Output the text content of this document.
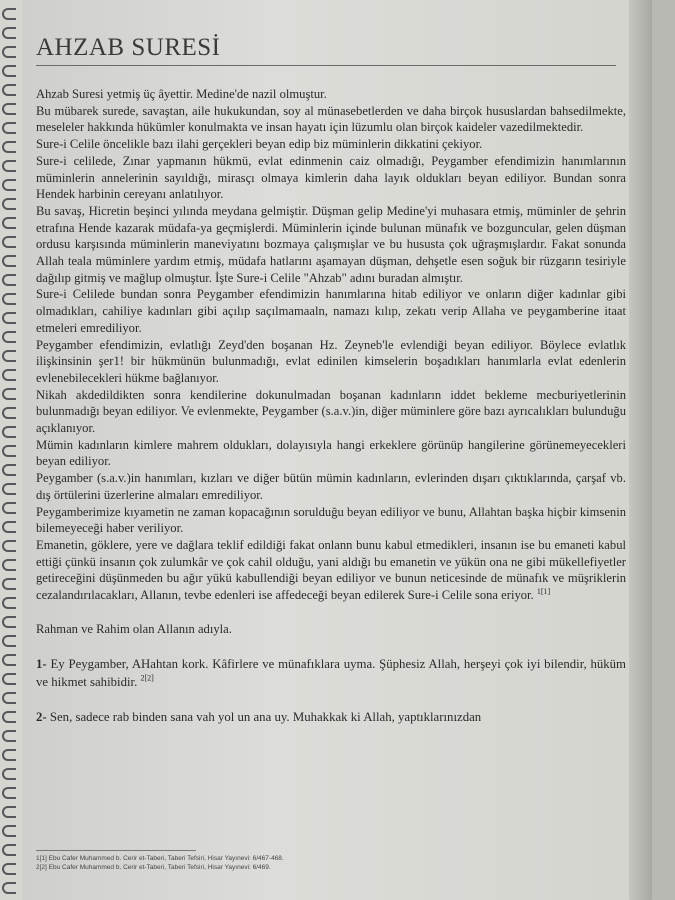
AHZAB SURESİ

Ahzab Suresi yetmiş üç âyettir. Medine'de nazil olmuştur.

Bu mübarek surede, savaştan, aile hukukundan, soy al münasebetlerden ve daha birçok hususlardan bahsedilmekte, meseleler hakkında hükümler konulmakta ve insan hayatı için lüzumlu olan birçok kaideler vazedilmektedir.

Sure-i Celile öncelikle bazı ilahi gerçekleri beyan edip biz müminlerin dikkatini çekiyor.

Sure-i celilede, Zınar yapmanın hükmü, evlat edinmenin caiz olmadığı, Peygamber efendimizin hanımlarının müminlerin annelerinin sayıldığı, mirasçı olmaya kimlerin daha layık oldukları beyan ediliyor. Bundan sonra Hendek harbinin cereyanı anlatılıyor.

Bu savaş, Hicretin beşinci yılında meydana gelmiştir. Düşman gelip Medine'yi muhasara etmiş, müminler de şehrin etrafına Hende kazarak müdafa-ya geçmişlerdi. Müminlerin içinde bulunan münafık ve bozguncular, gelen düşman ordusu karşısında müminlerin maneviyatını bozmaya çalışmışlar ve bu hususta çok uğraşmışlardır. Fakat sonunda Allah teala müminlere yardım etmiş, müdafa hatlarını aşamayan düşman, dehşetle esen soğuk bir rüzgarın tesiriyle dağılıp gitmiş ve mağlup olmuştur. İşte Sure-i Celile "Ahzab" adını buradan almıştır.

Sure-i Celilede bundan sonra Peygamber efendimizin hanımlarına hitab ediliyor ve onların diğer kadınlar gibi olmadıkları, cahiliye kadınları gibi açılıp saçılmamaaln, namazı kılıp, zekatı verip Allaha ve peygamberine itaat etmeleri emrediliyor.

Peygamber efendimizin, evlatlığı Zeyd'den boşanan Hz. Zeyneb'le evlendiği beyan ediliyor. Böylece evlatlık ilişkinsinin şer1! bir hükmünün bulunmadığı, evlat edinilen kimselerin boşadıkları hanımlarla evlat edenlerin evlenebilecekleri hükme bağlanıyor.

Nikah akdedildikten sonra kendilerine dokunulmadan boşanan kadınların iddet bekleme mecburiyetlerinin bulunmadığı beyan ediliyor. Ve evlenmekte, Peygamber (s.a.v.)in, diğer müminlere göre bazı ayrıcalıkları bulunduğu açıklanıyor.

Mümin kadınların kimlere mahrem oldukları, dolayısıyla hangi erkeklere görünüp hangilerine görünemeyecekleri beyan ediliyor.

Peygamber (s.a.v.)in hanımları, kızları ve diğer bütün mümin kadınların, evlerinden dışarı çıktıklarında, çarşaf vb. dış örtülerini üzerlerine almaları emrediliyor.

Peygamberimize kıyametin ne zaman kopacağının sorulduğu beyan ediliyor ve bunu, Allahtan başka hiçbir kimsenin bilemeyeceği haber veriliyor.

Emanetin, göklere, yere ve dağlara teklif edildiği fakat onlann bunu kabul etmedikleri, insanın ise bu emaneti kabul ettiği çünkü insanın çok zulumkâr ve çok cahil olduğu, yani aldığı bu emanetin ve yükün ona ne gibi mükellefiyetler getireceğini düşünmeden bu ağır yükü kabullendiği beyan ediliyor ve bunun neticesinde de münafık ve müşriklerin cezalandırılacakları, Allanın, tevbe edenleri ise affedeceği beyan edilerek Sure-i Celile sona eriyor. $^{1[1]}$

Rahman ve Rahim olan Allanın adıyla.

1- Ey Peygamber, AHahtan kork. Kâfirlere ve münafıklara uyma. Şüphesiz Allah, herşeyi çok iyi bilendir, hüküm ve hikmet sahibidir. $^{2[2]}$

2- Sen, sadece rab binden sana vah yol un ana uy. Muhakkak ki Allah, yaptıklarınızdan

1[1] Ebu Cafer Muhammed b. Cerir et-Taberi, Taberi Tefsiri, Hisar Yayınevi: 6/467-468.
2[2] Ebu Cafer Muhammed b. Cerir et-Taberi, Taberi Tefsiri, Hisar Yayınevi: 6/469.
